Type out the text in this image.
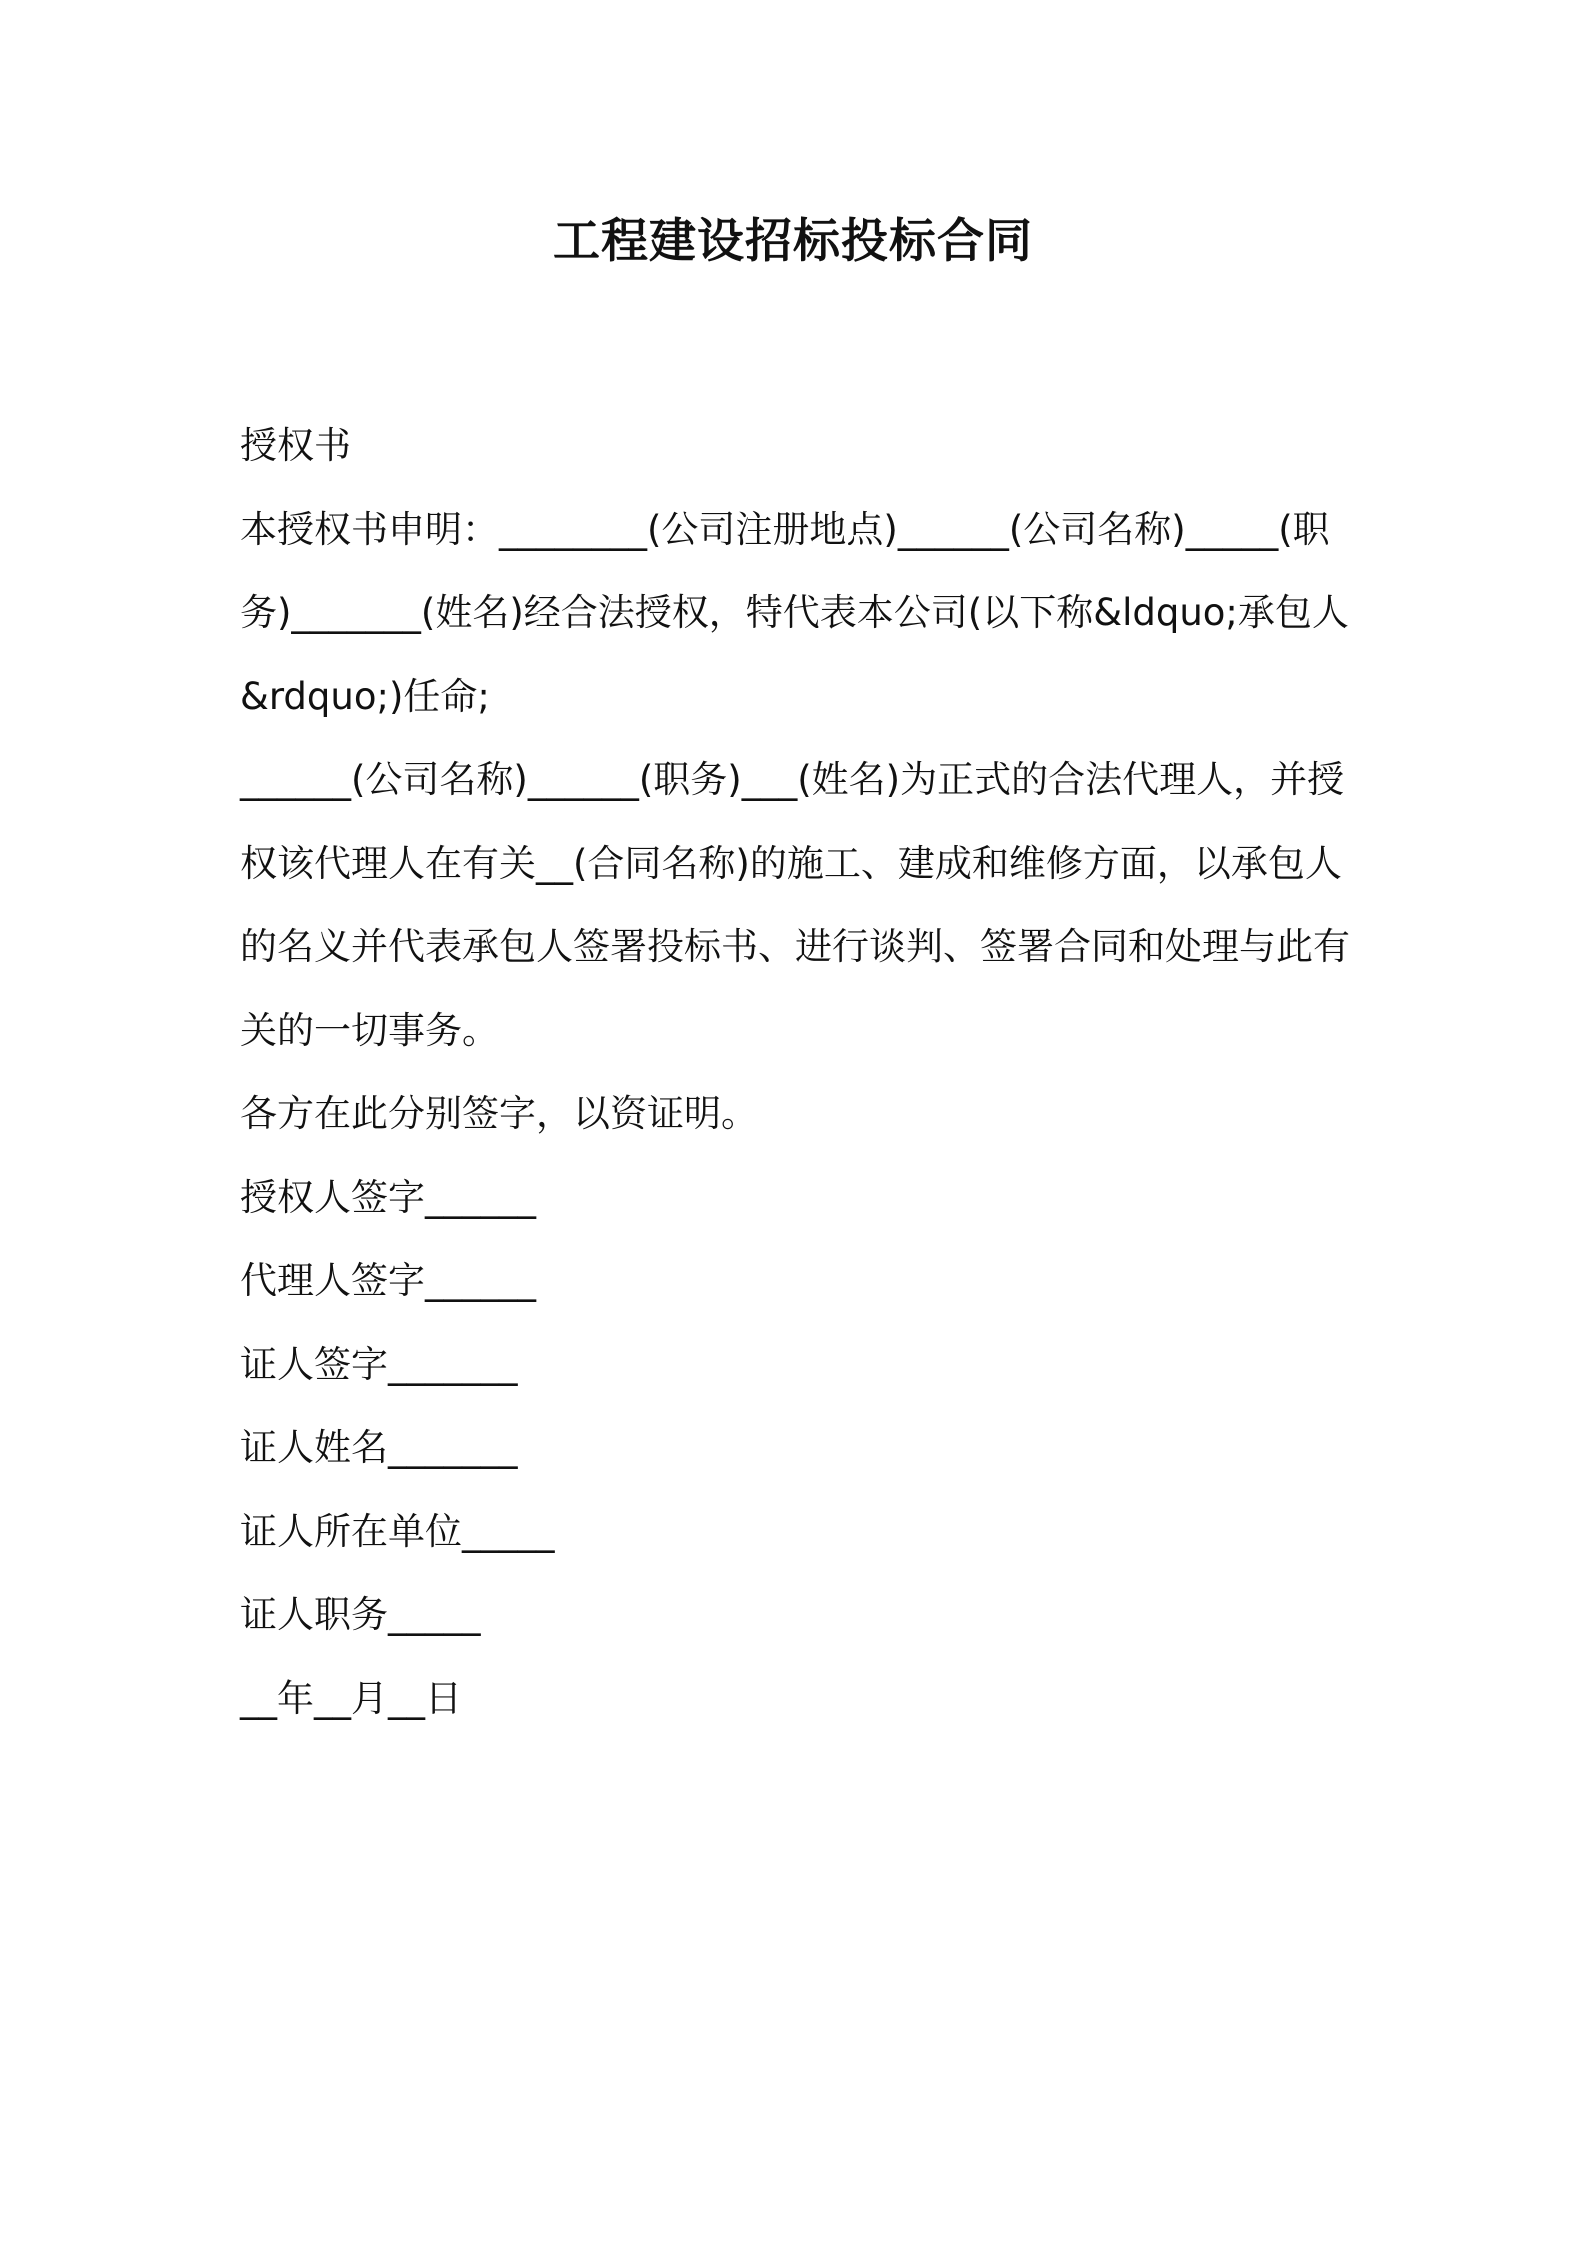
工程建设招标投标合同

授权书

本授权书申明：________(公司注册地点)______(公司名称)_____(职务)_______(姓名)经合法授权，特代表本公司(以下称&ldquo;承包人&rdquo;)任命;

______(公司名称)______(职务)___(姓名)为正式的合法代理人，并授权该代理人在有关__(合同名称)的施工、建成和维修方面，以承包人的名义并代表承包人签署投标书、进行谈判、签署合同和处理与此有关的一切事务。

各方在此分别签字，以资证明。

授权人签字______

代理人签字______

证人签字_______

证人姓名_______

证人所在单位_____

证人职务_____

__年__月__日
